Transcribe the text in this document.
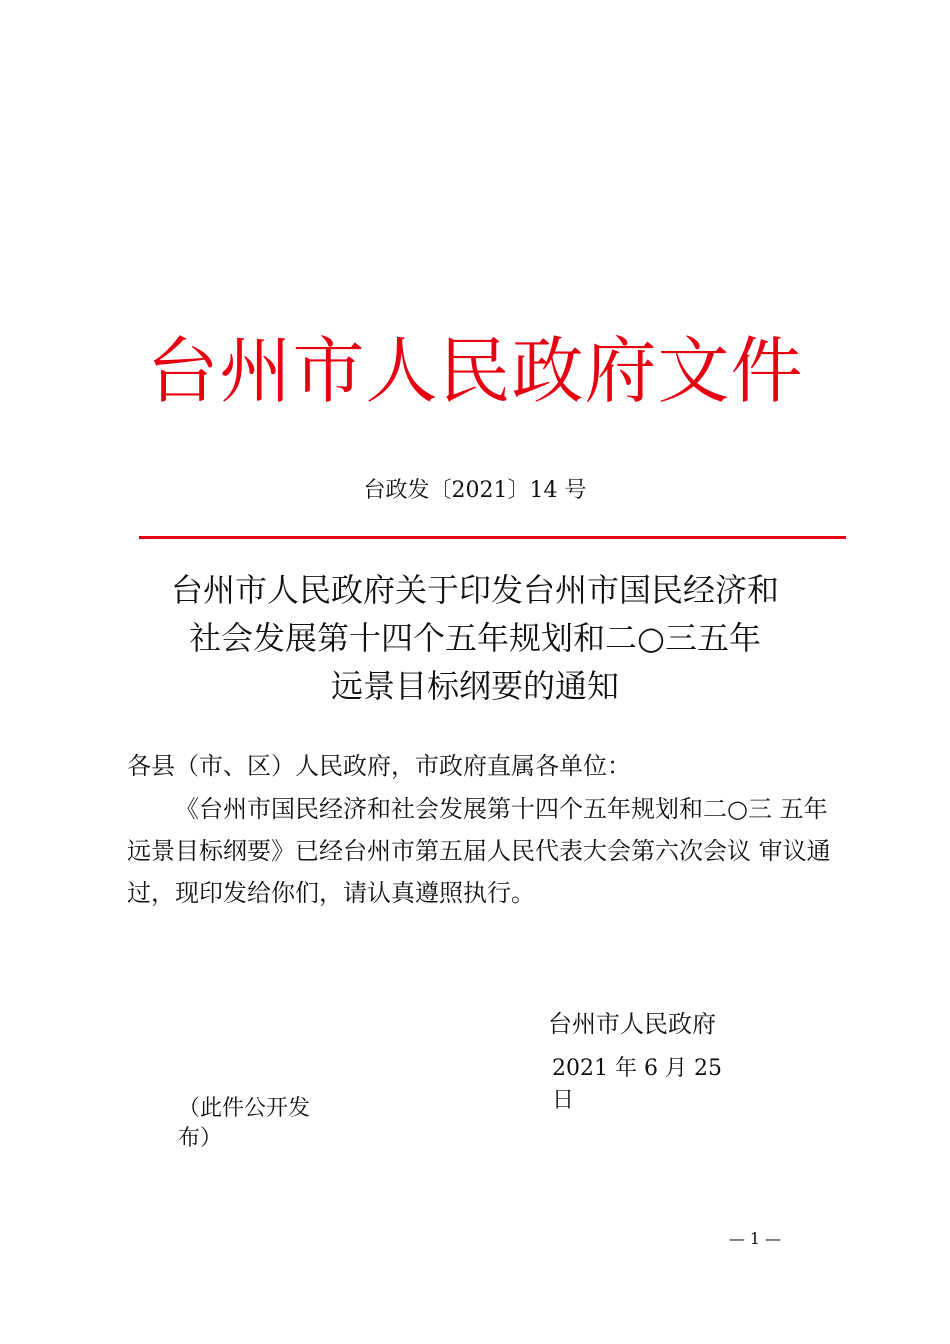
台州市人民政府文件
台政发〔2021〕14 号
台州市人民政府关于印发台州市国民经济和
社会发展第十四个五年规划和二○三五年
远景目标纲要的通知
各县（市、区）人民政府，市政府直属各单位：
《台州市国民经济和社会发展第十四个五年规划和二○三 五年远景目标纲要》已经台州市第五届人民代表大会第六次会议 审议通过，现印发给你们，请认真遵照执行。
台州市人民政府
2021 年 6 月 25 日
（此件公开发布）
— 1 —
